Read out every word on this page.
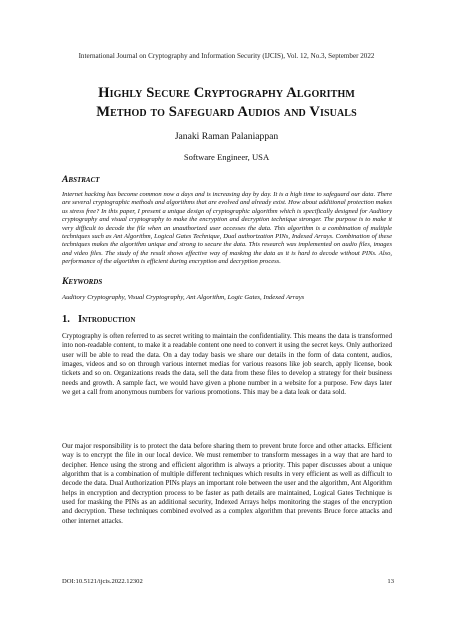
International Journal on Cryptography and Information Security (IJCIS), Vol. 12, No.3, September 2022
Highly Secure Cryptography Algorithm
Method to Safeguard Audios and Visuals
Janaki Raman Palaniappan
Software Engineer, USA
Abstract
Internet hacking has become common now a days and is increasing day by day. It is a high time to safeguard our data. There are several cryptographic methods and algorithms that are evolved and already exist. How about additional protection makes us stress free? In this paper, I present a unique design of cryptographic algorithm which is specifically designed for Auditory cryptography and visual cryptography to make the encryption and decryption technique stronger. The purpose is to make it very difficult to decode the file when an unauthorized user accesses the data. This algorithm is a combination of multiple techniques such as Ant Algorithm, Logical Gates Technique, Dual authorization PINs, Indexed Arrays. Combination of these techniques makes the algorithm unique and strong to secure the data. This research was implemented on audio files, images and video files. The study of the result shows effective way of masking the data as it is hard to decode without PINs. Also, performance of the algorithm is efficient during encryption and decryption process.
Keywords
Auditory Cryptography, Visual Cryptography, Ant Algorithm, Logic Gates, Indexed Arrays
1. Introduction
Cryptography is often referred to as secret writing to maintain the confidentiality. This means the data is transformed into non-readable content, to make it a readable content one need to convert it using the secret keys. Only authorized user will be able to read the data. On a day today basis we share our details in the form of data content, audios, images, videos and so on through various internet medias for various reasons like job search, apply license, book tickets and so on. Organizations reads the data, sell the data from these files to develop a strategy for their business needs and growth. A sample fact, we would have given a phone number in a website for a purpose. Few days later we get a call from anonymous numbers for various promotions. This may be a data leak or data sold.
Our major responsibility is to protect the data before sharing them to prevent brute force and other attacks. Efficient way is to encrypt the file in our local device. We must remember to transform messages in a way that are hard to decipher. Hence using the strong and efficient algorithm is always a priority. This paper discusses about a unique algorithm that is a combination of multiple different techniques which results in very efficient as well as difficult to decode the data. Dual Authorization PINs plays an important role between the user and the algorithm, Ant Algorithm helps in encryption and decryption process to be faster as path details are maintained, Logical Gates Technique is used for masking the PINs as an additional security, Indexed Arrays helps monitoring the stages of the encryption and decryption. These techniques combined evolved as a complex algorithm that prevents Bruce force attacks and other internet attacks.
DOI:10.5121/ijcis.2022.12302	13
